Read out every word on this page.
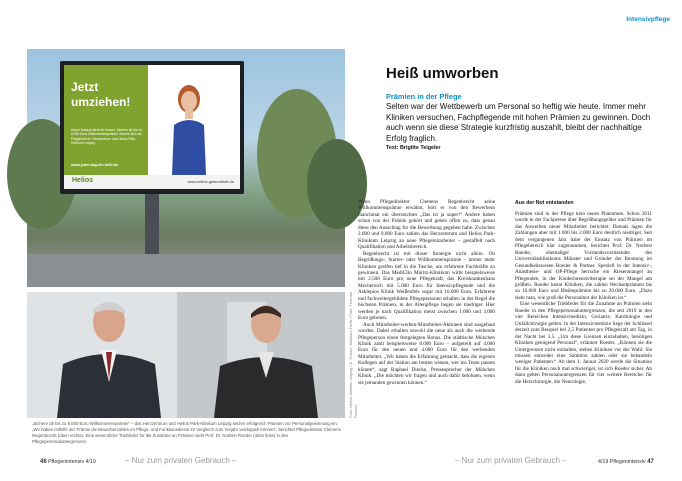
Intensivpflege
Jetzt umziehen!
Unser Kasack steht dir besser. Sichere dir bis zu 8.000 Euro Willkommensprämie. Bewirb dich als Pflegekraft im Herzzentrum und Helios Park-Klinikum Leipzig.
www.jeder-tag-ein-held.de
Helios	www.helios-gesundheit.de
Foto: Helios Kliniken Leipzig / A. Scholz; Klinikum Fürth / Foto: Thomas Fischer
„Sichere dir bis zu 8.000 Euro Willkommensprämie“ – das Herzzentrum und Helios Park-Klinikum Leipzig setzen erfolgreich Prämien zur Personalgewinnung ein. „Wir haben mithilfe der Prämie die Bewerberzahlen im Pflege- und Funktionsdienst im Vergleich zum Vorjahr verdoppelt können“, berichtet Pflegedirektor Clemens Regenbrecht (oben rechts). Eine wesentliche Triebfeder für die Zunahme an Prämien sieht Prof. Dr. Norbert Roeder (oben links) in den Pflegepersonaluntergrenzen.
Heiß umworben
Prämien in der Pflege
Selten war der Wettbewerb um Personal so heftig wie heute. Immer mehr Kliniken versuchen, Fachpflegende mit hohen Prämien zu gewinnen. Doch auch wenn sie diese Strategie kurzfristig auszahlt, bleibt der nachhaltige Erfolg fraglich.
Text: Brigitte Teigeler

Wenn Pflegedirektor Clemens Regenbrecht seine Willkommensprämie erwähnt, hört er von den Bewerbern manchmal ein überraschtes „Das ist ja super!“ Andere haben schon von der Prämie gehört und geben offen zu, dass genau diese den Ausschlag für die Bewerbung gegeben habe. Zwischen 2.000 und 8.000 Euro zahlen das Herzzentrum und Helios Park-Klinikum Leipzig an neue Pflegemitarbeiter – gestaffelt nach Qualifikation und Arbeitsbereich.

Regenbrecht ist mit dieser Strategie nicht allein. Ob Begrüßungs-, Starter- oder Willkommensprämie – immer mehr Kliniken greifen tief in die Tasche, um erfahrene Fachkräfte zu gewinnen. Das MediClin Müritz-Klinikum wirbt beispielsweise mit 2.500 Euro pro neue Pflegekraft, das Kreiskrankenhaus Mechernich mit 5.000 Euro für Intensivpflegende und die Asklepios Klinik Weißenfels sogar mit 10.000 Euro. Erfahrene und fachweitergebildete Pflegepersonen erhalten in der Regel die höchsten Prämien, in der Altenpflege liegen sie niedriger. Hier werden je nach Qualifikation meist zwischen 1.000 und 3.000 Euro geboten.

Auch Mitarbeiter-werben-Mitarbeiter-Aktionen sind ausgebaut worden. Dabei erhalten sowohl die neue als auch die werbende Pflegeperson einen festgelegten Bonus. Die städtische München Klinik zahlt beispielsweise 8.000 Euro – aufgeteilt auf 4.000 Euro für den neuen und 4.000 Euro für den werbenden Mitarbeiter. „Wir haben die Erfahrung gemacht, dass die eigenen Kollegen auf der Station am besten wissen, wer ins Team passen könnte“, sagt Raphael Diecke, Pressesprecher der München Klinik. „Die möchten wir fragen und auch dafür belohnen, wenn sie jemanden gewinnen können.“

Aus der Not entstanden

Prämien sind in der Pflege kein neues Phänomen. Schon 2011 wurde in der Fachpresse über Begrüßungsgelder und Prämien für das Anwerben neuer Mitarbeiter berichtet. Damals lagen die Zahlungen aber mit 1.000 bis 2.000 Euro deutlich niedriger. Seit dem vergangenen Jahr habe der Einsatz von Prämien im Pflegebereich klar zugenommen, berichtet Prof. Dr. Norbert Roeder, ehemaliger Vorstandsvorsitzender des Universitätsklinikums Münster und Gründer der Beratung im Gesundheitswesen Roeder & Partner. Speziell in der Intensiv-, Anästhesie- und OP-Pflege herrsche ein Riesenmangel an Pflegenden, in der Kinderintensivtherapie sei der Mangel am größten. Roeder kennt Kliniken, die zahlen Wechselprämien bis zu 10.000 Euro und Bleibeprämien bis zu 20.000 Euro. „Dazu sieht man, wie groß die Personalnot der Kliniken ist.“

Eine wesentliche Triebfeder für die Zunahme an Prämien sieht Roeder in den Pflegepersonaluntergrenzen, die seit 2019 in den vier Bereichen Intensivmedizin, Geriatrie, Kardiologie und Unfallchirurgie gelten. In der Intensivmedizin liege der Schlüssel derzeit zum Beispiel bei 2,5 Patienten pro Pflegekraft am Tag, in der Nacht bei 3,5. „Um diese Grenzen einzuhalten, benötigen Kliniken genügend Personal“, erläutert Roeder. „Können sie die Untergrenzen nicht einhalten, stehen Kliniken vor der Wahl: Sie müssen entweder eine Sanktion zahlen oder sie behandeln weniger Patienten.“ Ab dem 1. Januar 2020 werde die Situation für die Kliniken noch mal schwieriger, ist sich Roeder sicher. Ab dann gelten Personaluntergrenzen für vier weitere Bereiche: für die Herzchirurgie, die Neurologie,

46 Pflegenintensiv 4/19	– Nur zum privaten Gebrauch –	– Nur zum privaten Gebrauch –	4/19 Pflegenintensiv 47
